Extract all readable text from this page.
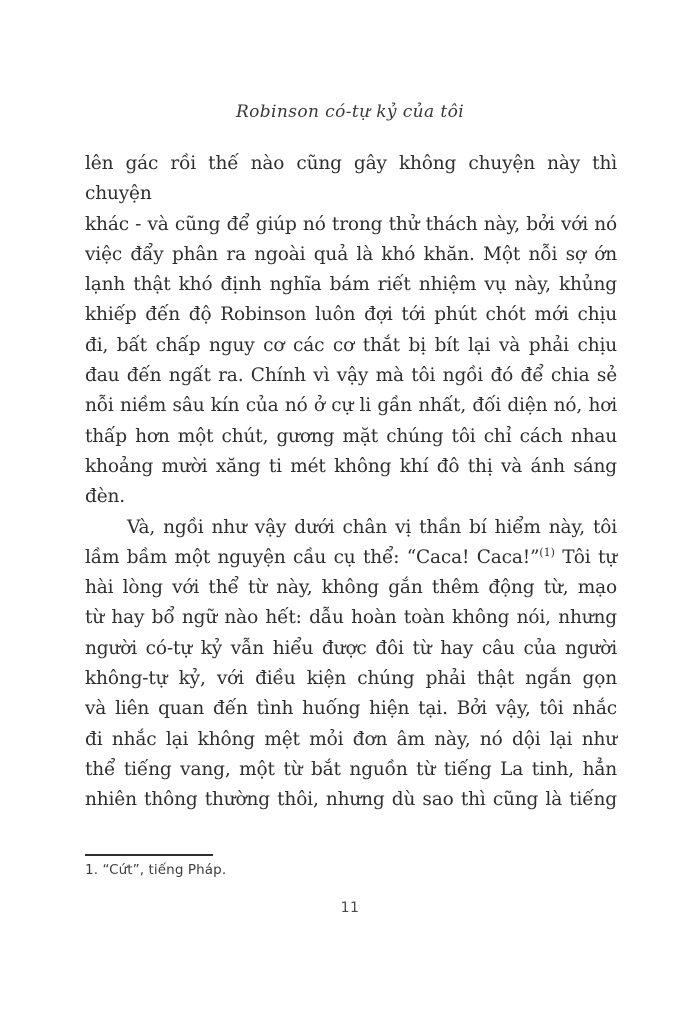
Robinson có-tự kỷ của tôi
lên gác rồi thế nào cũng gây không chuyện này thì chuyện
khác - và cũng để giúp nó trong thử thách này, bởi với nó
việc đẩy phân ra ngoài quả là khó khăn. Một nỗi sợ ớn
lạnh thật khó định nghĩa bám riết nhiệm vụ này, khủng
khiếp đến độ Robinson luôn đợi tới phút chót mới chịu
đi, bất chấp nguy cơ các cơ thắt bị bít lại và phải chịu
đau đến ngất ra. Chính vì vậy mà tôi ngồi đó để chia sẻ
nỗi niềm sâu kín của nó ở cự li gần nhất, đối diện nó, hơi
thấp hơn một chút, gương mặt chúng tôi chỉ cách nhau
khoảng mười xăng ti mét không khí đô thị và ánh sáng
đèn.
Và, ngồi như vậy dưới chân vị thần bí hiểm này, tôi
lầm bầm một nguyện cầu cụ thể: “Caca! Caca!”$^{(1)}$ Tôi tự
hài lòng với thể từ này, không gắn thêm động từ, mạo
từ hay bổ ngữ nào hết: dẫu hoàn toàn không nói, nhưng
người có-tự kỷ vẫn hiểu được đôi từ hay câu của người
không-tự kỷ, với điều kiện chúng phải thật ngắn gọn
và liên quan đến tình huống hiện tại. Bởi vậy, tôi nhắc
đi nhắc lại không mệt mỏi đơn âm này, nó dội lại như
thể tiếng vang, một từ bắt nguồn từ tiếng La tinh, hẳn
nhiên thông thường thôi, nhưng dù sao thì cũng là tiếng
1. “Cứt”, tiếng Pháp.
11
